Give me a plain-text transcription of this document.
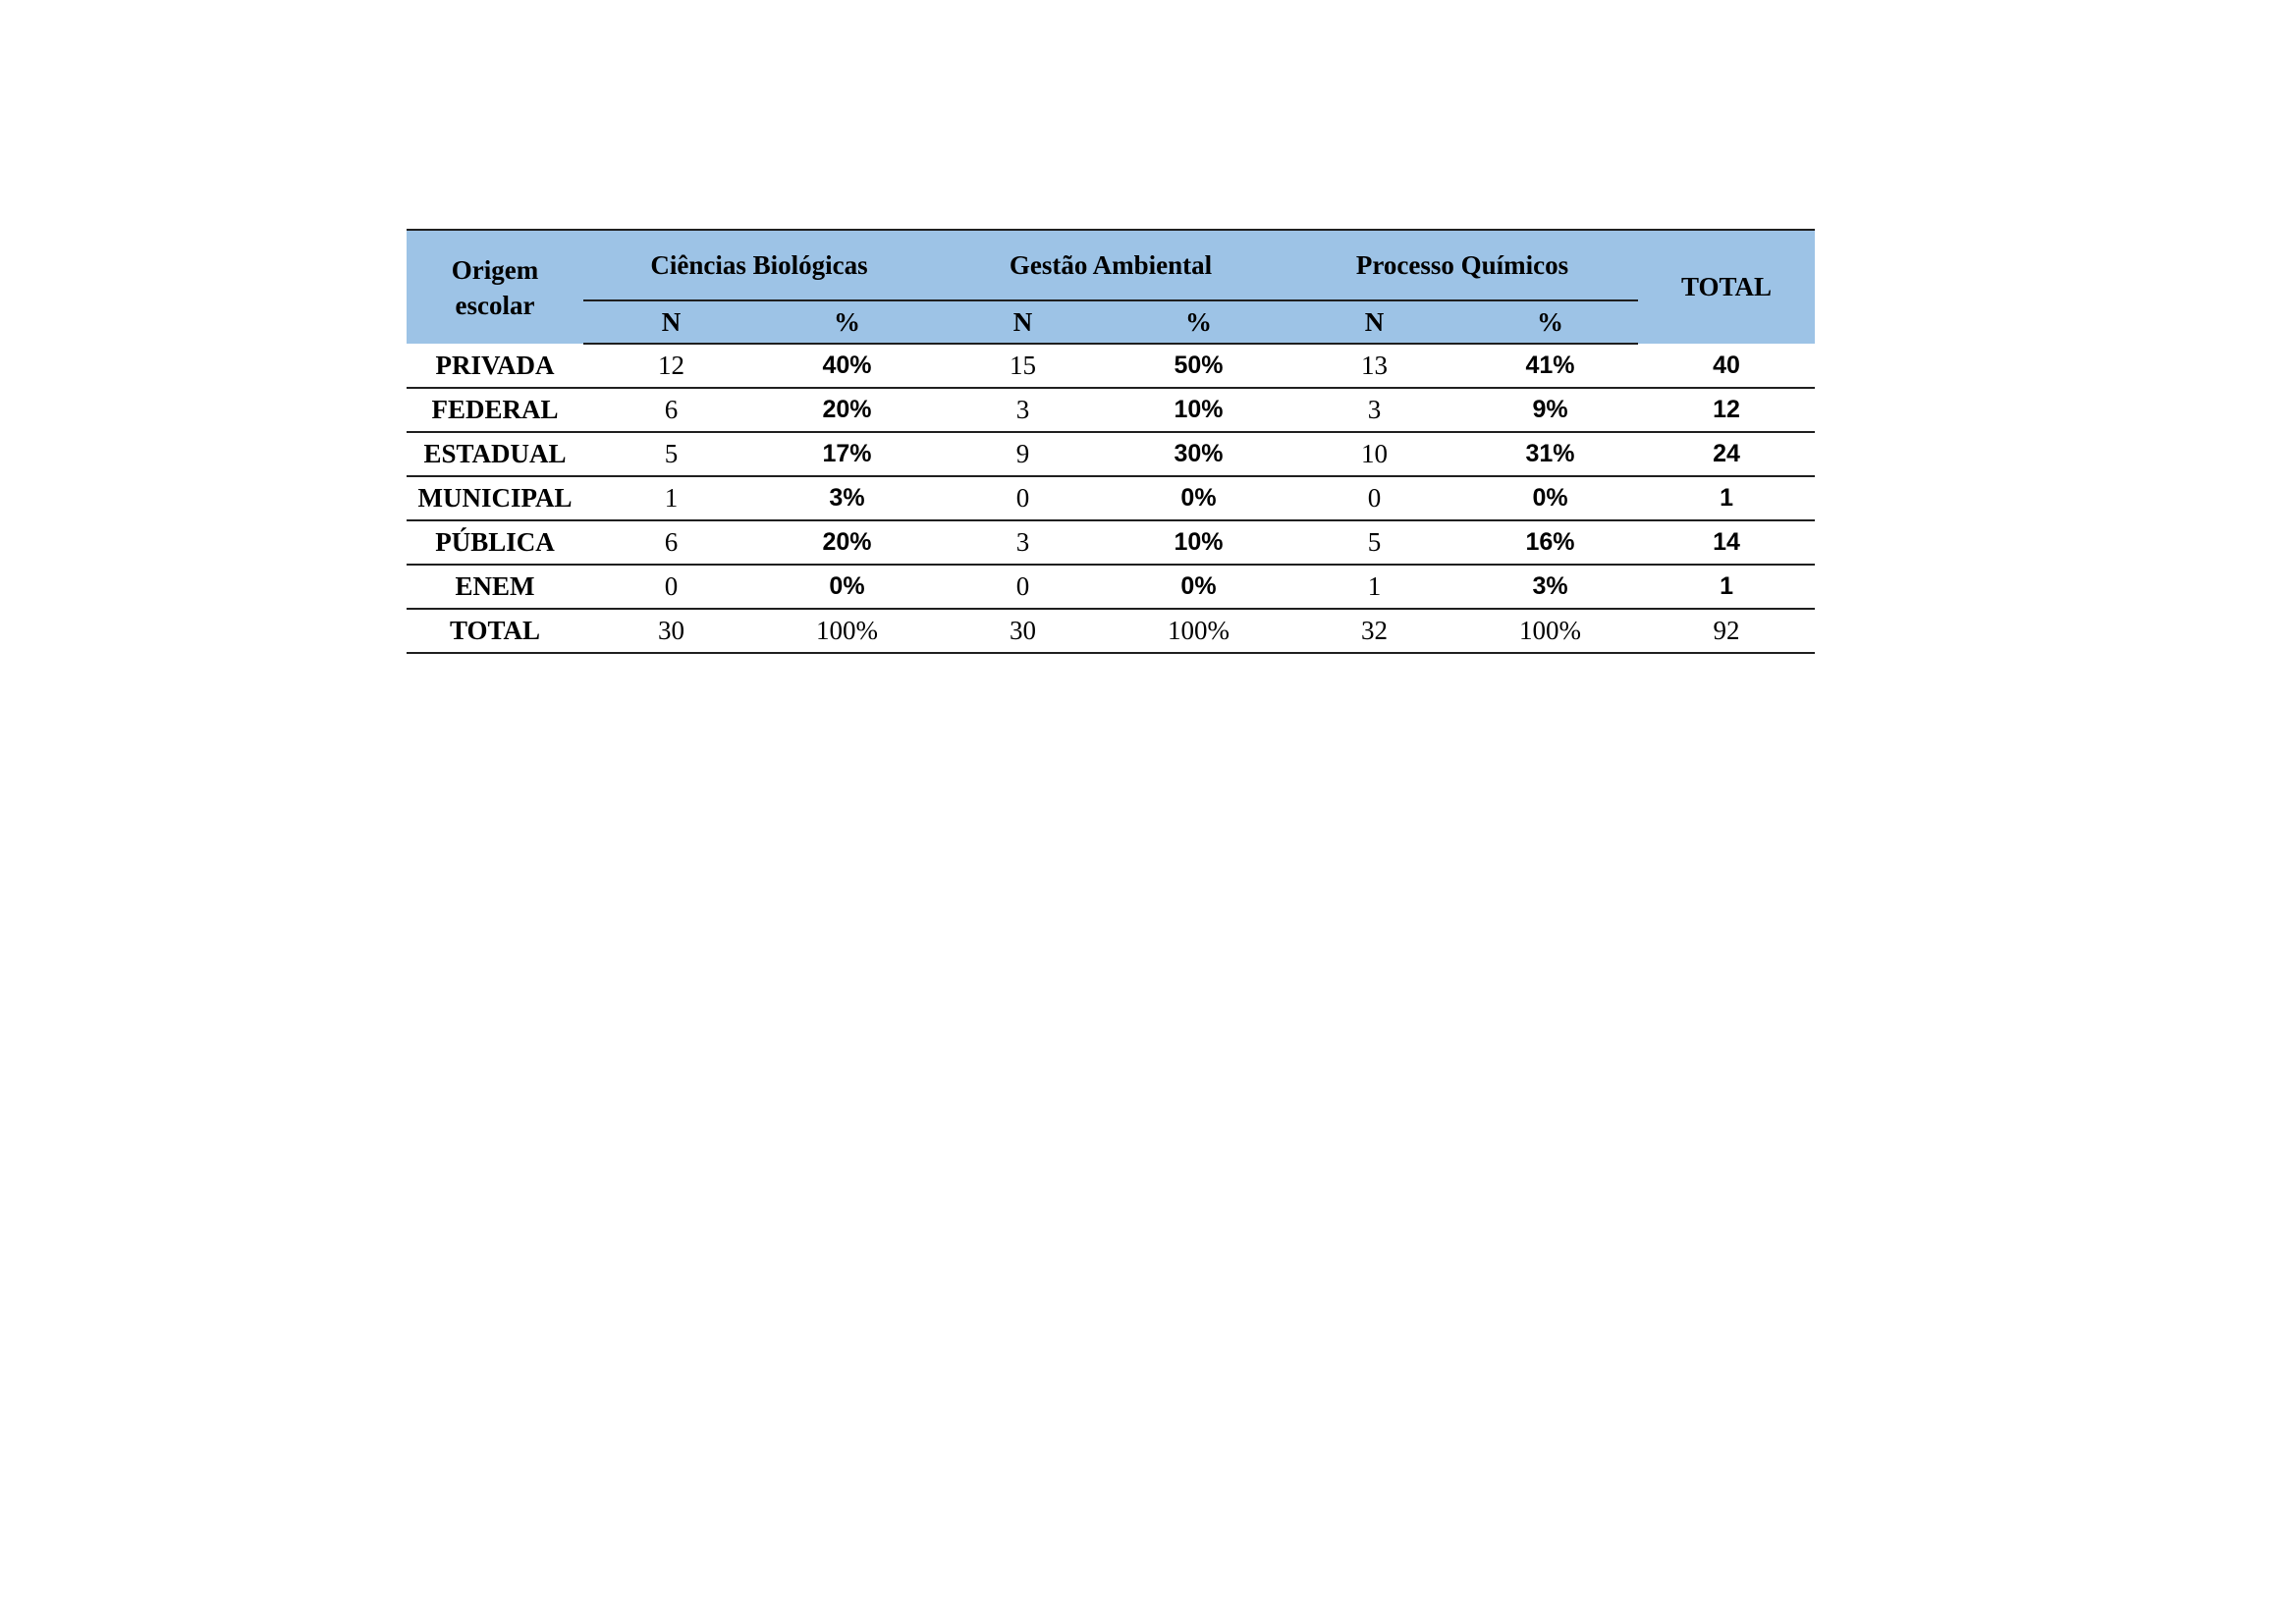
Origem
escolar	Ciências Biológicas		Gestão Ambiental		Processo Químicos		TOTAL
	N	%	N	%	N	%	
PRIVADA	12	40%	15	50%	13	41%	40
FEDERAL	6	20%	3	10%	3	9%	12
ESTADUAL	5	17%	9	30%	10	31%	24
MUNICIPAL	1	3%	0	0%	0	0%	1
PÚBLICA	6	20%	3	10%	5	16%	14
ENEM	0	0%	0	0%	1	3%	1
TOTAL	30	100%	30	100%	32	100%	92
